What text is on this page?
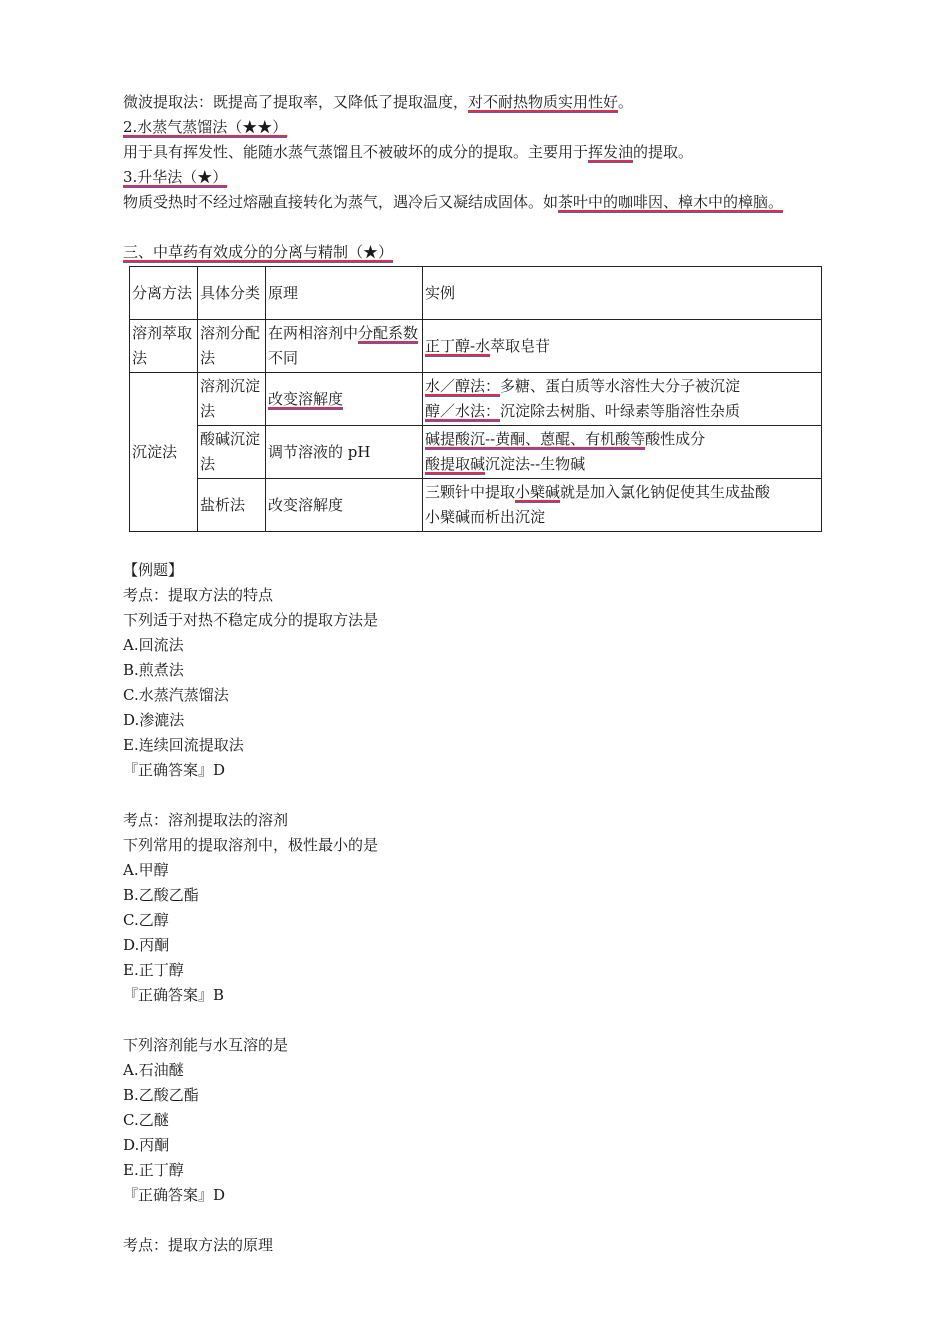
微波提取法：既提高了提取率，又降低了提取温度，对不耐热物质实用性好。
2.水蒸气蒸馏法（★★）
用于具有挥发性、能随水蒸气蒸馏且不被破坏的成分的提取。主要用于挥发油的提取。
3.升华法（★）
物质受热时不经过熔融直接转化为蒸气，遇冷后又凝结成固体。如茶叶中的咖啡因、樟木中的樟脑。
三、中草药有效成分的分离与精制（★）
分离方法	具体分类	原理	实例
溶剂萃取法	溶剂分配法	在两相溶剂中分配系数不同	正丁醇-水萃取皂苷
沉淀法	溶剂沉淀法	改变溶解度	水／醇法：多糖、蛋白质等水溶性大分子被沉淀
醇／水法：沉淀除去树脂、叶绿素等脂溶性杂质

	酸碱沉淀法	调节溶液的 pH	碱提酸沉--黄酮、蒽醌、有机酸等酸性成分
酸提取碱沉淀法--生物碱

	盐析法	改变溶解度	三颗针中提取小檗碱就是加入氯化钠促使其生成盐酸
小檗碱而析出沉淀
【例题】
考点：提取方法的特点
下列适于对热不稳定成分的提取方法是
A.回流法
B.煎煮法
C.水蒸汽蒸馏法
D.渗漉法
E.连续回流提取法
『正确答案』D
考点：溶剂提取法的溶剂
下列常用的提取溶剂中，极性最小的是
A.甲醇
B.乙酸乙酯
C.乙醇
D.丙酮
E.正丁醇
『正确答案』B
下列溶剂能与水互溶的是
A.石油醚
B.乙酸乙酯
C.乙醚
D.丙酮
E.正丁醇
『正确答案』D
考点：提取方法的原理
